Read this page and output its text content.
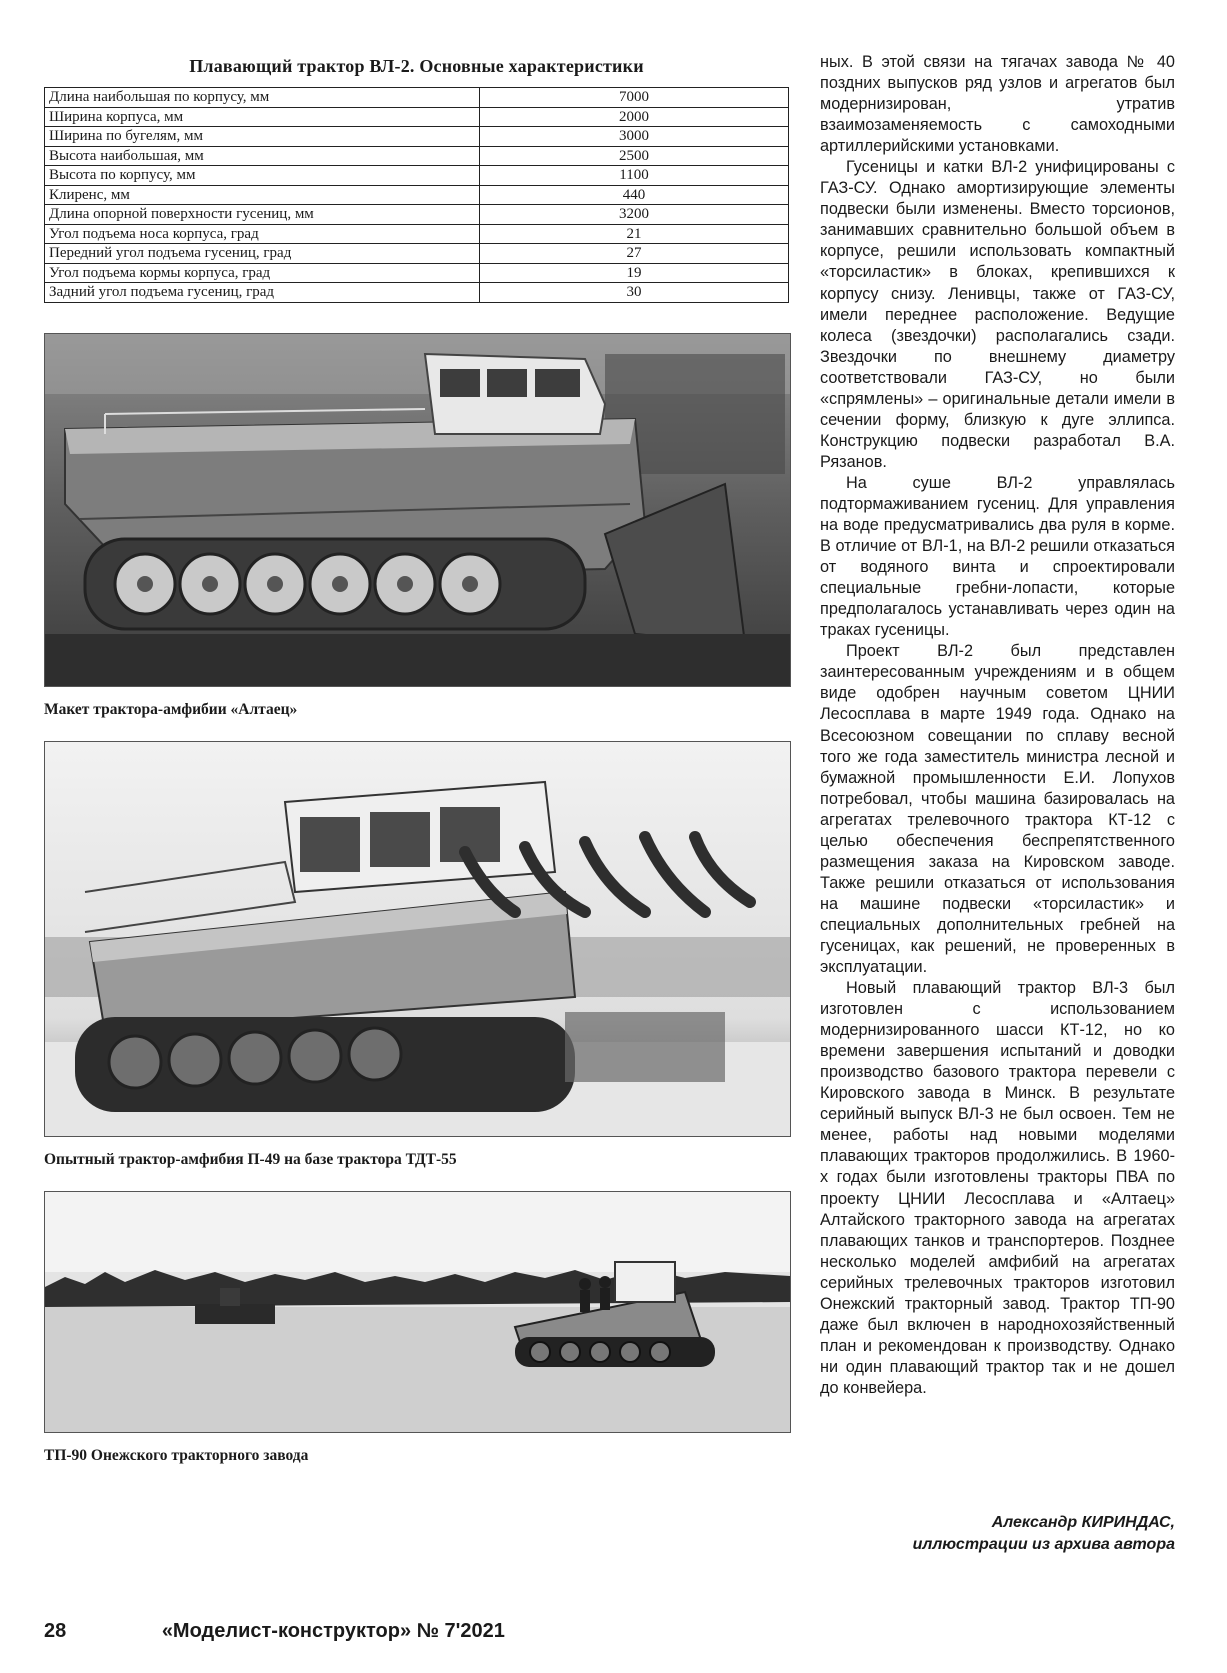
Плавающий трактор ВЛ-2. Основные характеристики
Длина наибольшая по корпусу, мм	7000
Ширина корпуса, мм	2000
Ширина по бугелям, мм	3000
Высота наибольшая, мм	2500
Высота по корпусу, мм	1100
Клиренс, мм	440
Длина опорной поверхности гусениц, мм	3200
Угол подъема носа корпуса, град	21
Передний угол подъема гусениц, град	27
Угол подъема кормы корпуса, град	19
Задний угол подъема гусениц, град	30
Макет трактора-амфибии «Алтаец»
Опытный трактор-амфибия П-49 на базе трактора ТДТ-55
ТП-90 Онежского тракторного завода

ных. В этой связи на тягачах завода № 40 поздних выпусков ряд узлов и агрегатов был модернизирован, утратив взаимозаменяемость с самоходными артиллерийскими установками.

Гусеницы и катки ВЛ-2 унифицированы с ГАЗ-СУ. Однако амортизирующие элементы подвески были изменены. Вместо торсионов, занимавших сравнительно большой объем в корпусе, решили использовать компактный «торсиластик» в блоках, крепившихся к корпусу снизу. Ленивцы, также от ГАЗ-СУ, имели переднее расположение. Ведущие колеса (звездочки) располагались сзади. Звездочки по внешнему диаметру соответствовали ГАЗ-СУ, но были «спрямлены» – оригинальные детали имели в сечении форму, близкую к дуге эллипса. Конструкцию подвески разработал В.А. Рязанов.

На суше ВЛ-2 управлялась подтормаживанием гусениц. Для управления на воде предусматривались два руля в корме. В отличие от ВЛ-1, на ВЛ-2 решили отказаться от водяного винта и спроектировали специальные гребни-лопасти, которые предполагалось устанавливать через один на траках гусеницы.

Проект ВЛ-2 был представлен заинтересованным учреждениям и в общем виде одобрен научным советом ЦНИИ Лесосплава в марте 1949 года. Однако на Всесоюзном совещании по сплаву весной того же года заместитель министра лесной и бумажной промышленности Е.И. Лопухов потребовал, чтобы машина базировалась на агрегатах трелевочного трактора КТ-12 с целью обеспечения беспрепятственного размещения заказа на Кировском заводе. Также решили отказаться от использования на машине подвески «торсиластик» и специальных дополнительных гребней на гусеницах, как решений, не проверенных в эксплуатации.

Новый плавающий трактор ВЛ-3 был изготовлен с использованием модернизированного шасси КТ-12, но ко времени завершения испытаний и доводки производство базового трактора перевели с Кировского завода в Минск. В результате серийный выпуск ВЛ-3 не был освоен. Тем не менее, работы над новыми моделями плавающих тракторов продолжились. В 1960-х годах были изготовлены тракторы ПВА по проекту ЦНИИ Лесосплава и «Алтаец» Алтайского тракторного завода на агрегатах плавающих танков и транспортеров. Позднее несколько моделей амфибий на агрегатах серийных трелевочных тракторов изготовил Онежский тракторный завод. Трактор ТП-90 даже был включен в народнохозяйственный план и рекомендован к производству. Однако ни один плавающий трактор так и не дошел до конвейера.

Александр КИРИНДАС,
иллюстрации из архива автора
28	«Моделист-конструктор» № 7'2021
